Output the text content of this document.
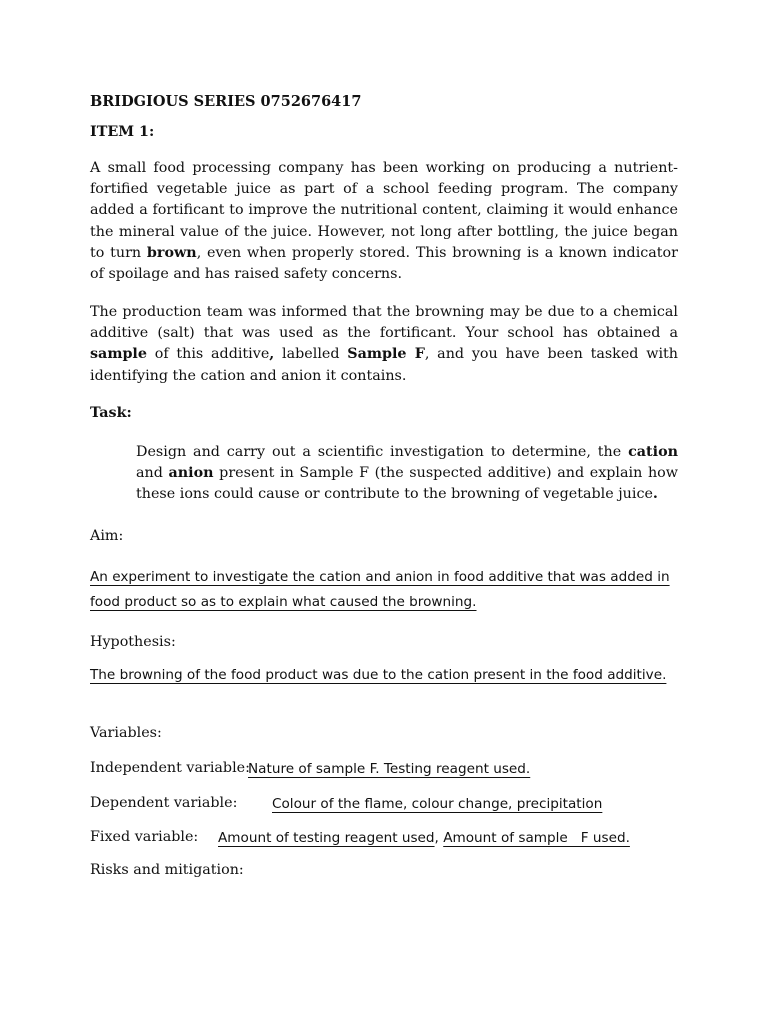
BRIDGIOUS SERIES 0752676417

ITEM 1:

A small food processing company has been working on producing a nutrient-fortified vegetable juice as part of a school feeding program. The company added a fortificant to improve the nutritional content, claiming it would enhance the mineral value of the juice. However, not long after bottling, the juice began to turn brown, even when properly stored. This browning is a known indicator of spoilage and has raised safety concerns.

The production team was informed that the browning may be due to a chemical additive (salt) that was used as the fortificant. Your school has obtained a sample of this additive, labelled Sample F, and you have been tasked with identifying the cation and anion it contains.

Task:

Design and carry out a scientific investigation to determine, the cation and anion present in Sample F (the suspected additive) and explain how these ions could cause or contribute to the browning of vegetable juice.

Aim:

An experiment to investigate the cation and anion in food additive that was added in food product so as to explain what caused the browning.

Hypothesis:

The browning of the food product was due to the cation present in the food additive.

Variables:

Independent variable:
Nature of sample F. Testing reagent used.

Dependent variable:	Colour of the flame, colour change, precipitation

Fixed variable: Amount of testing reagent used, Amount of sample   F used.

Risks and mitigation:
